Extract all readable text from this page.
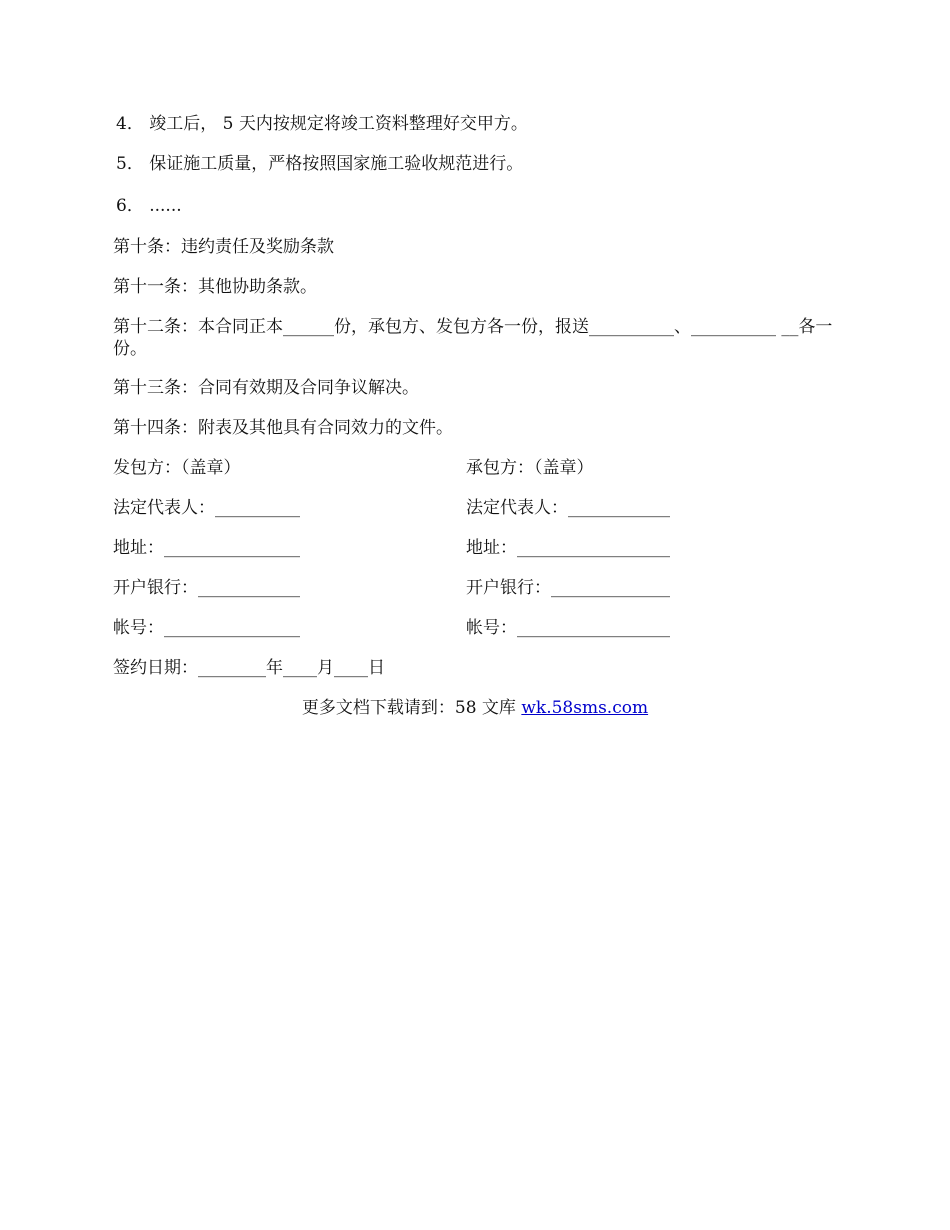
4． 竣工后， 5 天内按规定将竣工资料整理好交甲方。
5． 保证施工质量，严格按照国家施工验收规范进行。
6． ......
第十条：违约责任及奖励条款
第十一条：其他协助条款。
第十二条：本合同正本______份，承包方、发包方各一份，报送__________、__________ __各一份。
第十三条：合同有效期及合同争议解决。
第十四条：附表及其他具有合同效力的文件。
发包方：（盖章）	承包方：（盖章）
法定代表人：__________	法定代表人：____________
地址：________________	地址：__________________
开户银行：____________	开户银行：______________
帐号：________________	帐号：__________________
签约日期：________年____月____日
更多文档下载请到：58 文库 wk.58sms.com
